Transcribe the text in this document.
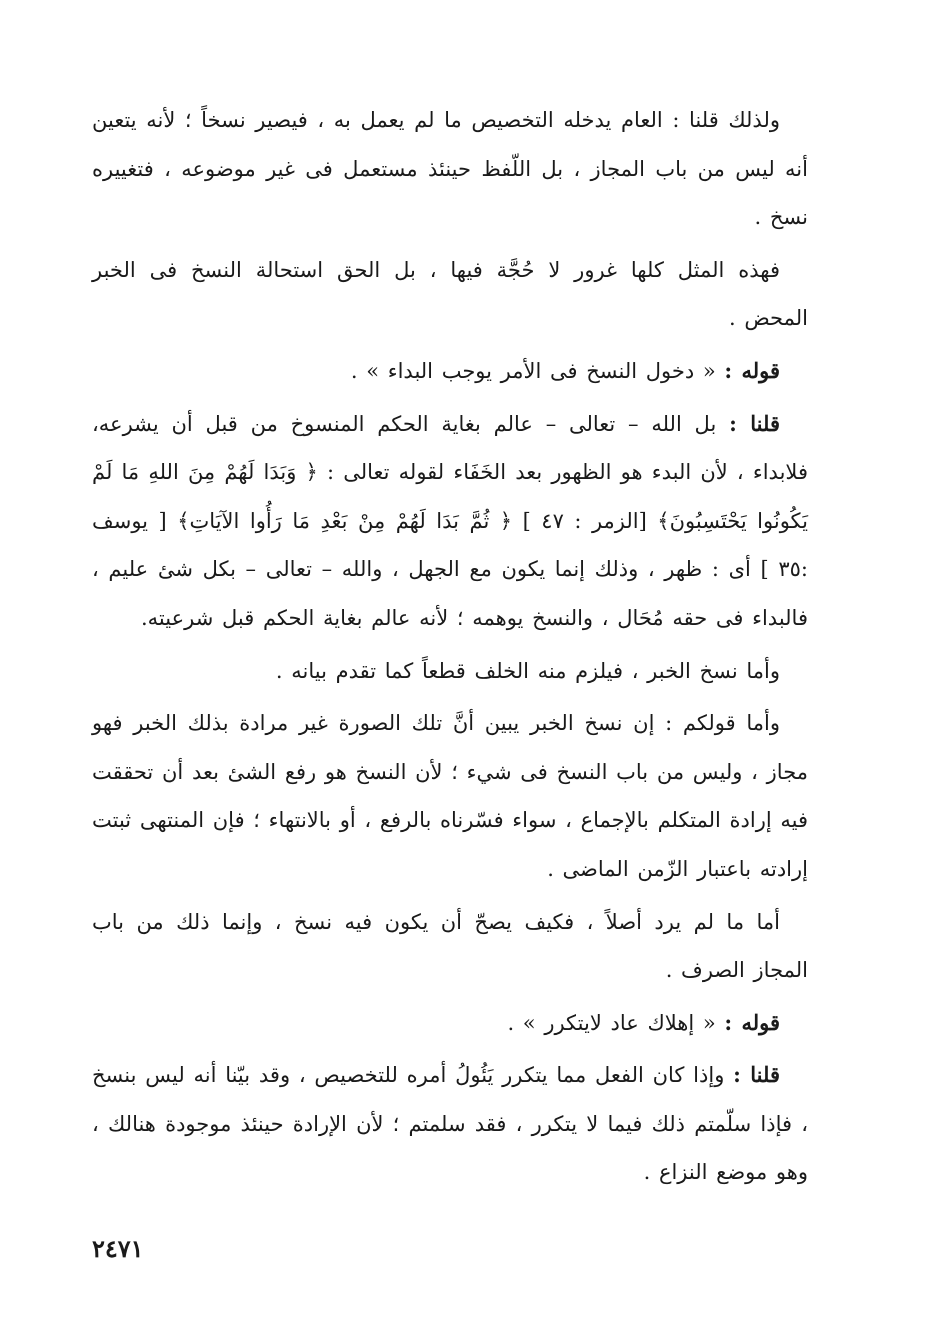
ولذلك قلنا : العام يدخله التخصيص ما لم يعمل به ، فيصير نسخاً ؛ لأنه يتعين أنه ليس من باب المجاز ، بل اللّفظ حينئذ مستعمل فى غير موضوعه ، فتغييره نسخ .

فهذه المثل كلها غرور لا حُجَّة فيها ، بل الحق استحالة النسخ فى الخبر المحض .

قوله : « دخول النسخ فى الأمر يوجب البداء » .

قلنا : بل الله – تعالى – عالم بغاية الحكم المنسوخ من قبل أن يشرعه، فلابداء ، لأن البدء هو الظهور بعد الخَفَاء لقوله تعالى : ﴿ وَبَدَا لَهُمْ مِنَ اللهِ مَا لَمْ يَكُونُوا يَحْتَسِبُونَ﴾ [الزمر : ٤٧ ] ﴿ ثُمَّ بَدَا لَهُمْ مِنْ بَعْدِ مَا رَأُوا الآيَاتِ﴾ [ يوسف :٣٥ ] أى : ظهر ، وذلك إنما يكون مع الجهل ، والله – تعالى – بكل شئ عليم ، فالبداء فى حقه مُحَال ، والنسخ يوهمه ؛ لأنه عالم بغاية الحكم قبل شرعيته.

وأما نسخ الخبر ، فيلزم منه الخلف قطعاً كما تقدم بيانه .

وأما قولكم : إن نسخ الخبر يبين أنَّ تلك الصورة غير مرادة بذلك الخبر فهو مجاز ، وليس من باب النسخ فى شيء ؛ لأن النسخ هو رفع الشئ بعد أن تحققت فيه إرادة المتكلم بالإجماع ، سواء فسّرناه بالرفع ، أو بالانتهاء ؛ فإن المنتهى ثبتت إرادته باعتبار الزّمن الماضى .

أما ما لم يرد أصلاً ، فكيف يصحّ أن يكون فيه نسخ ، وإنما ذلك من باب المجاز الصرف .

قوله : « إهلاك عاد لايتكرر » .

قلنا : وإذا كان الفعل مما يتكرر يَئُولُ أمره للتخصيص ، وقد بيّنا أنه ليس بنسخ ، فإذا سلّمتم ذلك فيما لا يتكرر ، فقد سلمتم ؛ لأن الإرادة حينئذ موجودة هنالك ، وهو موضع النزاع .

٢٤٧١
